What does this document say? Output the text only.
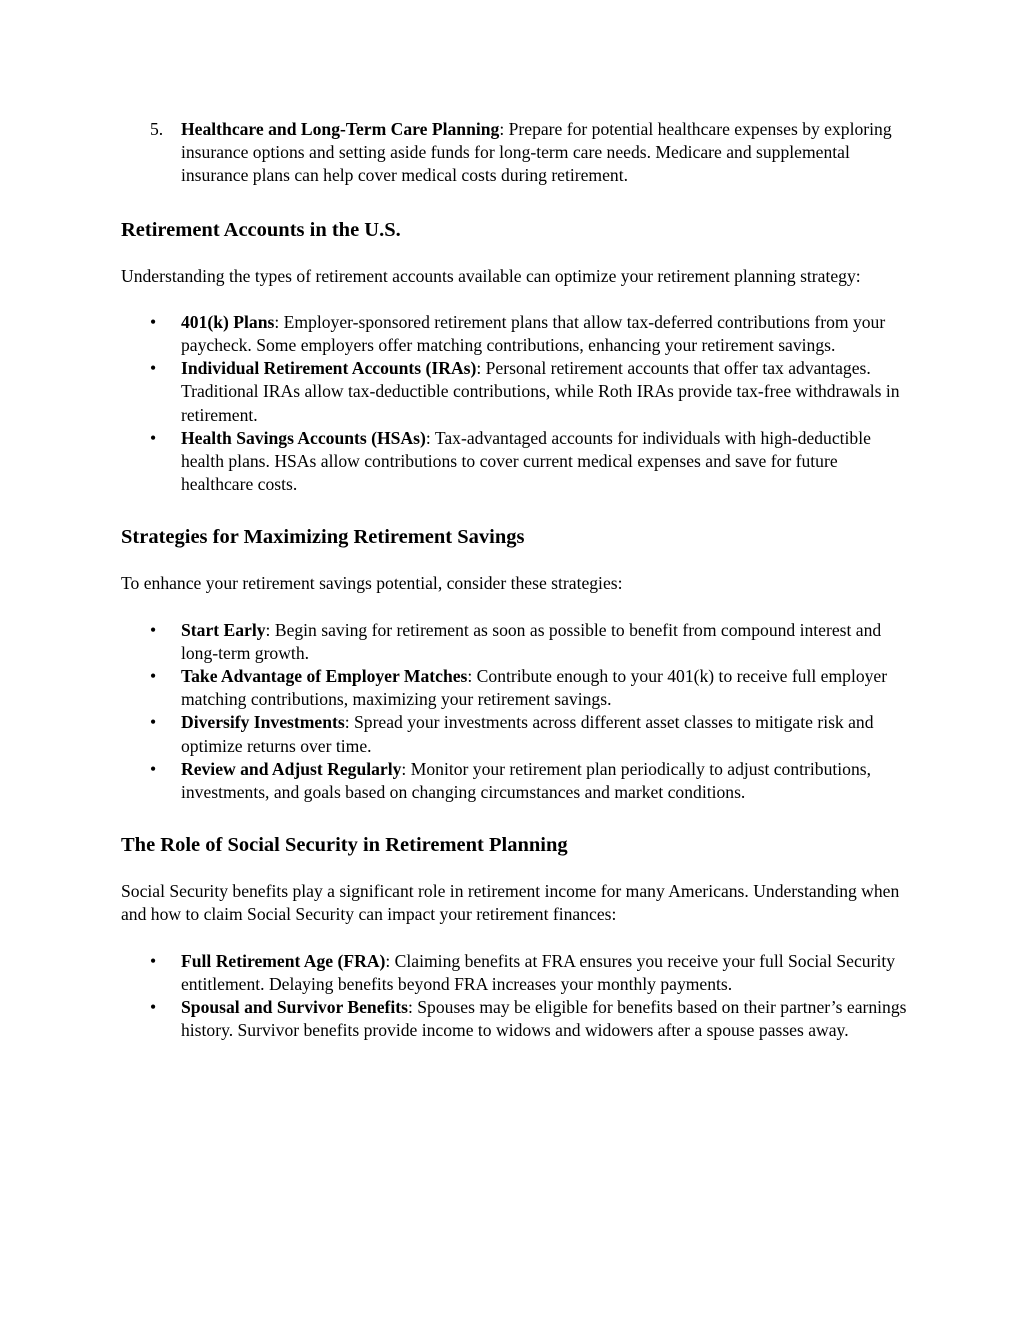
5. Healthcare and Long-Term Care Planning: Prepare for potential healthcare expenses by exploring insurance options and setting aside funds for long-term care needs. Medicare and supplemental insurance plans can help cover medical costs during retirement.
Retirement Accounts in the U.S.

Understanding the types of retirement accounts available can optimize your retirement planning strategy:

• 401(k) Plans: Employer-sponsored retirement plans that allow tax-deferred contributions from your paycheck. Some employers offer matching contributions, enhancing your retirement savings.
• Individual Retirement Accounts (IRAs): Personal retirement accounts that offer tax advantages. Traditional IRAs allow tax-deductible contributions, while Roth IRAs provide tax-free withdrawals in retirement.
• Health Savings Accounts (HSAs): Tax-advantaged accounts for individuals with high-deductible health plans. HSAs allow contributions to cover current medical expenses and save for future healthcare costs.
Strategies for Maximizing Retirement Savings

To enhance your retirement savings potential, consider these strategies:

• Start Early: Begin saving for retirement as soon as possible to benefit from compound interest and long-term growth.
• Take Advantage of Employer Matches: Contribute enough to your 401(k) to receive full employer matching contributions, maximizing your retirement savings.
• Diversify Investments: Spread your investments across different asset classes to mitigate risk and optimize returns over time.
• Review and Adjust Regularly: Monitor your retirement plan periodically to adjust contributions, investments, and goals based on changing circumstances and market conditions.
The Role of Social Security in Retirement Planning

Social Security benefits play a significant role in retirement income for many Americans. Understanding when and how to claim Social Security can impact your retirement finances:

• Full Retirement Age (FRA): Claiming benefits at FRA ensures you receive your full Social Security entitlement. Delaying benefits beyond FRA increases your monthly payments.
• Spousal and Survivor Benefits: Spouses may be eligible for benefits based on their partner’s earnings history. Survivor benefits provide income to widows and widowers after a spouse passes away.
